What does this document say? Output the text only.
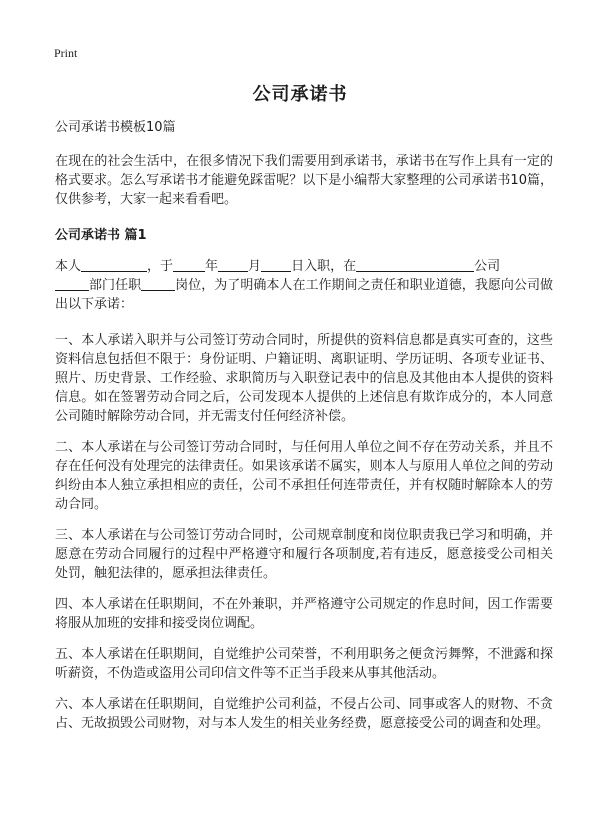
Print
公司承诺书

公司承诺书模板10篇

在现在的社会生活中，在很多情况下我们需要用到承诺书，承诺书在写作上具有一定的格式要求。怎么写承诺书才能避免踩雷呢？以下是小编帮大家整理的公司承诺书10篇，仅供参考，大家一起来看看吧。

公司承诺书 篇1

本人	，于 年 月 日入职，在	公司
部门任职	岗位，为了明确本人在工作期间之责任和职业道德，我愿向公司做出以下承诺：

一、本人承诺入职并与公司签订劳动合同时，所提供的资料信息都是真实可查的，这些资料信息包括但不限于：身份证明、户籍证明、离职证明、学历证明、各项专业证书、照片、历史背景、工作经验、求职简历与入职登记表中的信息及其他由本人提供的资料信息。如在签署劳动合同之后，公司发现本人提供的上述信息有欺诈成分的，本人同意公司随时解除劳动合同，并无需支付任何经济补偿。

二、本人承诺在与公司签订劳动合同时，与任何用人单位之间不存在劳动关系，并且不存在任何没有处理完的法律责任。如果该承诺不属实，则本人与原用人单位之间的劳动纠纷由本人独立承担相应的责任，公司不承担任何连带责任，并有权随时解除本人的劳动合同。

三、本人承诺在与公司签订劳动合同时，公司规章制度和岗位职责我已学习和明确，并愿意在劳动合同履行的过程中严格遵守和履行各项制度,若有违反，愿意接受公司相关处罚，触犯法律的，愿承担法律责任。

四、本人承诺在任职期间，不在外兼职，并严格遵守公司规定的作息时间，因工作需要将服从加班的安排和接受岗位调配。

五、本人承诺在任职期间，自觉维护公司荣誉，不利用职务之便贪污舞弊，不泄露和探听薪资，不伪造或盗用公司印信文件等不正当手段来从事其他活动。

六、本人承诺在任职期间，自觉维护公司利益，不侵占公司、同事或客人的财物、不贪占、无故损毁公司财物，对与本人发生的相关业务经费，愿意接受公司的调查和处理。
